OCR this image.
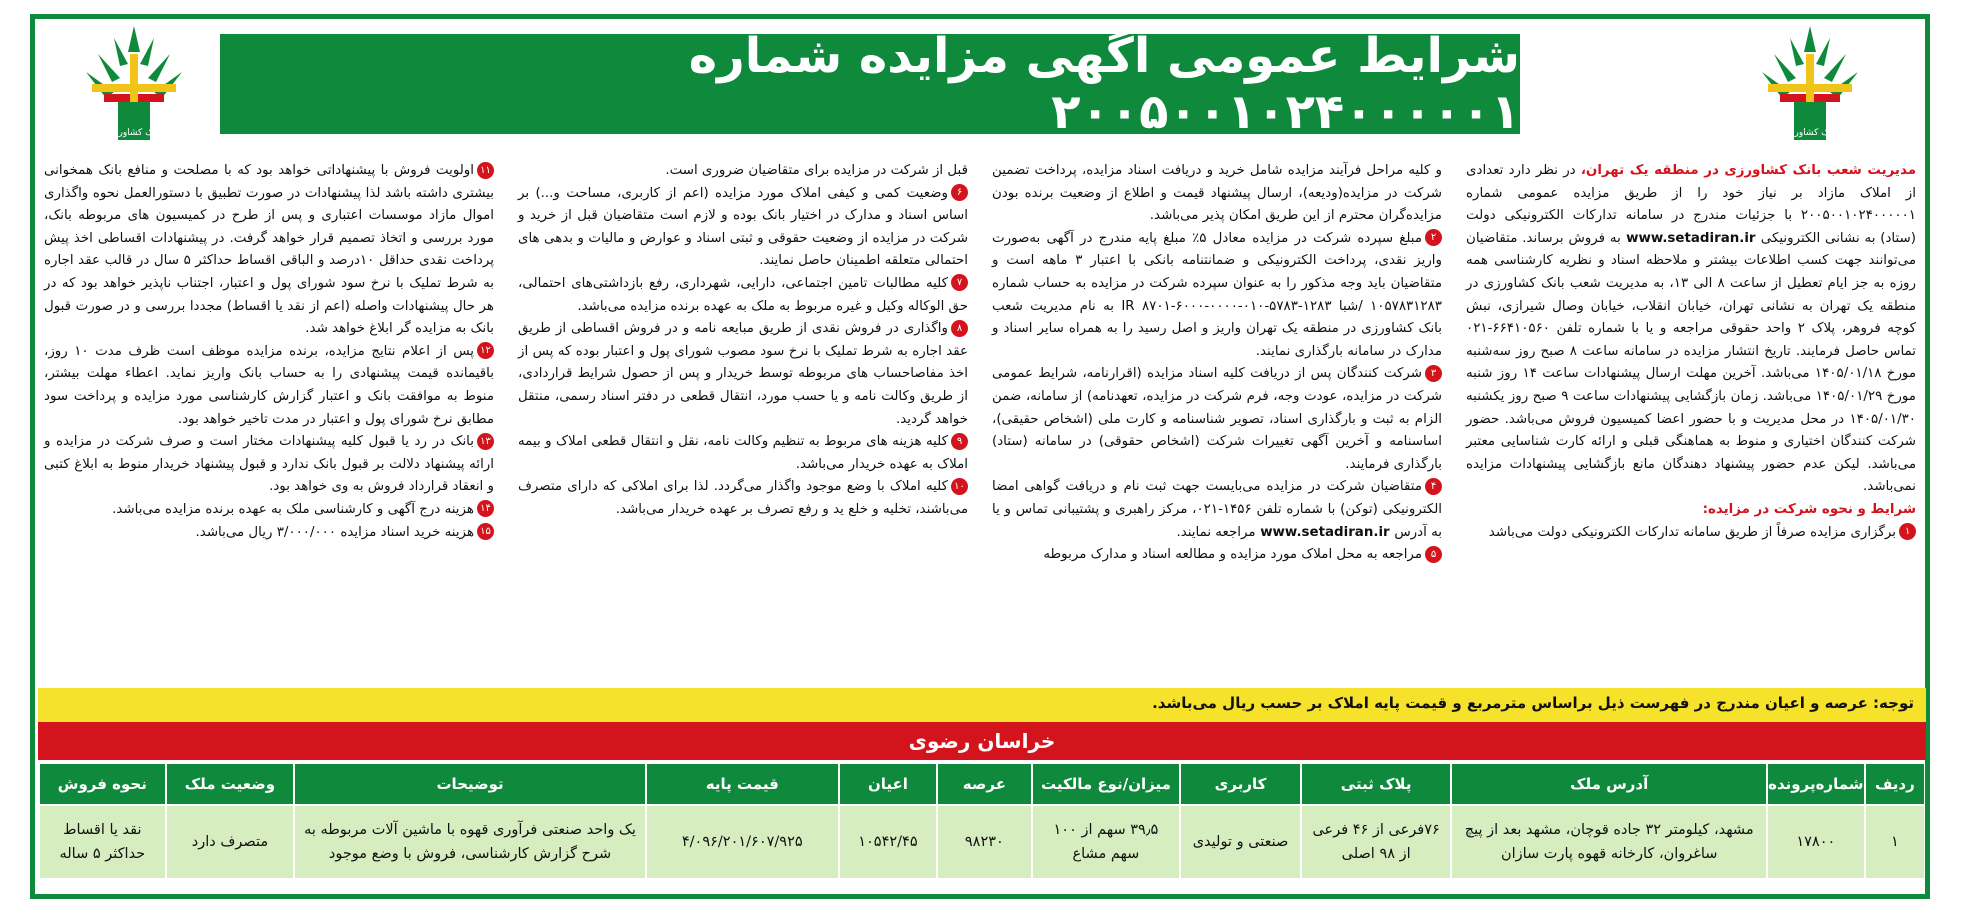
بانک کشاورزی	بانک کشاورزی
شرایط عمومی آگهی مزایده شماره ۲۰۰۵۰۰۱۰۲۴۰۰۰۰۰۱

مدیریت شعب بانک کشاورزی در منطقه یک تهران، در نظر دارد تعدادی از املاک مازاد بر نیاز خود را از طریق مزایده عمومی شماره ۲۰۰۵۰۰۱۰۲۴۰۰۰۰۰۱ با جزئیات مندرج در سامانه تدارکات الکترونیکی دولت (ستاد) به نشانی الکترونیکی www.setadiran.ir به فروش برساند. متقاضیان می‌توانند جهت کسب اطلاعات بیشتر و ملاحظه اسناد و نظریه کارشناسی همه روزه به جز ایام تعطیل از ساعت ۸ الی ۱۳، به مدیریت شعب بانک کشاورزی در منطقه یک تهران به نشانی تهران، خیابان انقلاب، خیابان وصال شیرازی، نبش کوچه فروهر، پلاک ۲ واحد حقوقی مراجعه و یا با شماره تلفن ۶۶۴۱۰۵۶۰-۰۲۱ تماس حاصل فرمایند. تاریخ انتشار مزایده در سامانه ساعت ۸ صبح روز سه‌شنبه مورخ ۱۴۰۵/۰۱/۱۸ می‌باشد. آخرین مهلت ارسال پیشنهادات ساعت ۱۴ روز شنبه مورخ ۱۴۰۵/۰۱/۲۹ می‌باشد. زمان بازگشایی پیشنهادات ساعت ۹ صبح روز یکشنبه ۱۴۰۵/۰۱/۳۰ در محل مدیریت و با حضور اعضا کمیسیون فروش می‌باشد. حضور شرکت کنندگان اختیاری و منوط به هماهنگی قبلی و ارائه کارت شناسایی معتبر می‌باشد. لیکن عدم حضور پیشنهاد دهندگان مانع بازگشایی پیشنهادات مزایده نمی‌باشد.

شرایط و نحوه شرکت در مزایده:

۱برگزاری مزایده صرفاً از طریق سامانه تدارکات الکترونیکی دولت می‌باشد

و کلیه مراحل فرآیند مزایده شامل خرید و دریافت اسناد مزایده، پرداخت تضمین شرکت در مزایده(ودیعه)، ارسال پیشنهاد قیمت و اطلاع از وضعیت برنده بودن مزایده‌گران محترم از این طریق امکان پذیر می‌باشد.

۲مبلغ سپرده شرکت در مزایده معادل ۵٪ مبلغ پایه مندرج در آگهی به‌صورت واریز نقدی، پرداخت الکترونیکی و ضمانتنامه بانکی با اعتبار ۳ ماهه است و متقاضیان باید وجه مذکور را به عنوان سپرده شرکت در مزایده به حساب شماره ۱۰۵۷۸۳۱۲۸۳ /شبا IR ۸۷۰۱-۶۰۰۰-۰۰۰۰-۰۱۰-۵۷۸۳-۱۲۸۳ به نام مدیریت شعب بانک کشاورزی در منطقه یک تهران واریز و اصل رسید را به همراه سایر اسناد و مدارک در سامانه بارگذاری نمایند.

۳شرکت کنندگان پس از دریافت کلیه اسناد مزایده (اقرارنامه، شرایط عمومی شرکت در مزایده، عودت وجه، فرم شرکت در مزایده، تعهدنامه) از سامانه، ضمن الزام به ثبت و بارگذاری اسناد، تصویر شناسنامه و کارت ملی (اشخاص حقیقی)، اساسنامه و آخرین آگهی تغییرات شرکت (اشخاص حقوقی) در سامانه (ستاد) بارگذاری فرمایند.

۴متقاضیان شرکت در مزایده می‌بایست جهت ثبت نام و دریافت گواهی امضا الکترونیکی (توکن) با شماره تلفن ۱۴۵۶-۰۲۱، مرکز راهبری و پشتیبانی تماس و یا به آدرس www.setadiran.ir مراجعه نمایند.

۵مراجعه به محل املاک مورد مزایده و مطالعه اسناد و مدارک مربوطه

قبل از شرکت در مزایده برای متقاضیان ضروری است.

۶وضعیت کمی و کیفی املاک مورد مزایده (اعم از کاربری، مساحت و...) بر اساس اسناد و مدارک در اختیار بانک بوده و لازم است متقاضیان قبل از خرید و شرکت در مزایده از وضعیت حقوقی و ثبتی اسناد و عوارض و مالیات و بدهی های احتمالی متعلقه اطمینان حاصل نمایند.

۷کلیه مطالبات تامین اجتماعی، دارایی، شهرداری، رفع بازداشتی‌های احتمالی، حق الوکاله وکیل و غیره مربوط به ملک به عهده برنده مزایده می‌باشد.

۸واگذاری در فروش نقدی از طریق مبایعه نامه و در فروش اقساطی از طریق عقد اجاره به شرط تملیک با نرخ سود مصوب شورای پول و اعتبار بوده که پس از اخذ مفاصاحساب های مربوطه توسط خریدار و پس از حصول شرایط قراردادی، از طریق وکالت نامه و یا حسب مورد، انتقال قطعی در دفتر اسناد رسمی، منتقل خواهد گردید.

۹کلیه هزینه های مربوط به تنظیم وکالت نامه، نقل و انتقال قطعی املاک و بیمه املاک به عهده خریدار می‌باشد.

۱۰کلیه املاک با وضع موجود واگذار می‌گردد. لذا برای املاکی که دارای متصرف می‌باشند، تخلیه و خلع ید و رفع تصرف بر عهده خریدار می‌باشد.

۱۱اولویت فروش با پیشنهاداتی خواهد بود که با مصلحت و منافع بانک همخوانی بیشتری داشته باشد لذا پیشنهادات در صورت تطبیق با دستورالعمل نحوه واگذاری اموال مازاد موسسات اعتباری و پس از طرح در کمیسیون های مربوطه بانک، مورد بررسی و اتخاذ تصمیم قرار خواهد گرفت. در پیشنهادات اقساطی اخذ پیش پرداخت نقدی حداقل ۱۰درصد و الباقی اقساط حداکثر ۵ سال در قالب عقد اجاره به شرط تملیک با نرخ سود شورای پول و اعتبار، اجتناب ناپذیر خواهد بود که در هر حال پیشنهادات واصله (اعم از نقد یا اقساط) مجددا بررسی و در صورت قبول بانک به مزایده گر ابلاغ خواهد شد.

۱۲پس از اعلام نتایج مزایده، برنده مزایده موظف است ظرف مدت ۱۰ روز، باقیمانده قیمت پیشنهادی را به حساب بانک واریز نماید. اعطاء مهلت بیشتر، منوط به موافقت بانک و اعتبار گزارش کارشناسی مورد مزایده و پرداخت سود مطابق نرخ شورای پول و اعتبار در مدت تاخیر خواهد بود.

۱۳بانک در رد یا قبول کلیه پیشنهادات مختار است و صرف شرکت در مزایده و ارائه پیشنهاد دلالت بر قبول بانک ندارد و قبول پیشنهاد خریدار منوط به ابلاغ کتبی و انعقاد قرارداد فروش به وی خواهد بود.

۱۴هزینه درج آگهی و کارشناسی ملک به عهده برنده مزایده می‌باشد.

۱۵هزینه خرید اسناد مزایده ۳/۰۰۰/۰۰۰ ریال می‌باشد.

توجه: عرصه و اعیان مندرج در فهرست ذیل براساس مترمربع و قیمت پایه املاک بر حسب ریال می‌باشد.
خراسان رضوی
ردیف	شماره‌پرونده	آدرس ملک	پلاک ثبتی	کاربری	میزان/نوع مالکیت	عرصه	اعیان	قیمت پایه	توضیحات	وضعیت ملک	نحوه فروش
۱	۱۷۸۰۰	مشهد، کیلومتر ۳۲ جاده قوچان، مشهد بعد از پیچ ساغروان، کارخانه قهوه پارت سازان	۷۶فرعی از ۴۶ فرعی از ۹۸ اصلی	صنعتی و تولیدی	۳۹٫۵ سهم از ۱۰۰ سهم مشاع	۹۸۲۳۰	۱۰۵۴۲/۴۵	۴/۰۹۶/۲۰۱/۶۰۷/۹۲۵	یک واحد صنعتی فرآوری قهوه با ماشین آلات مربوطه به شرح گزارش کارشناسی، فروش با وضع موجود	متصرف دارد	نقد یا اقساط حداکثر ۵ ساله
